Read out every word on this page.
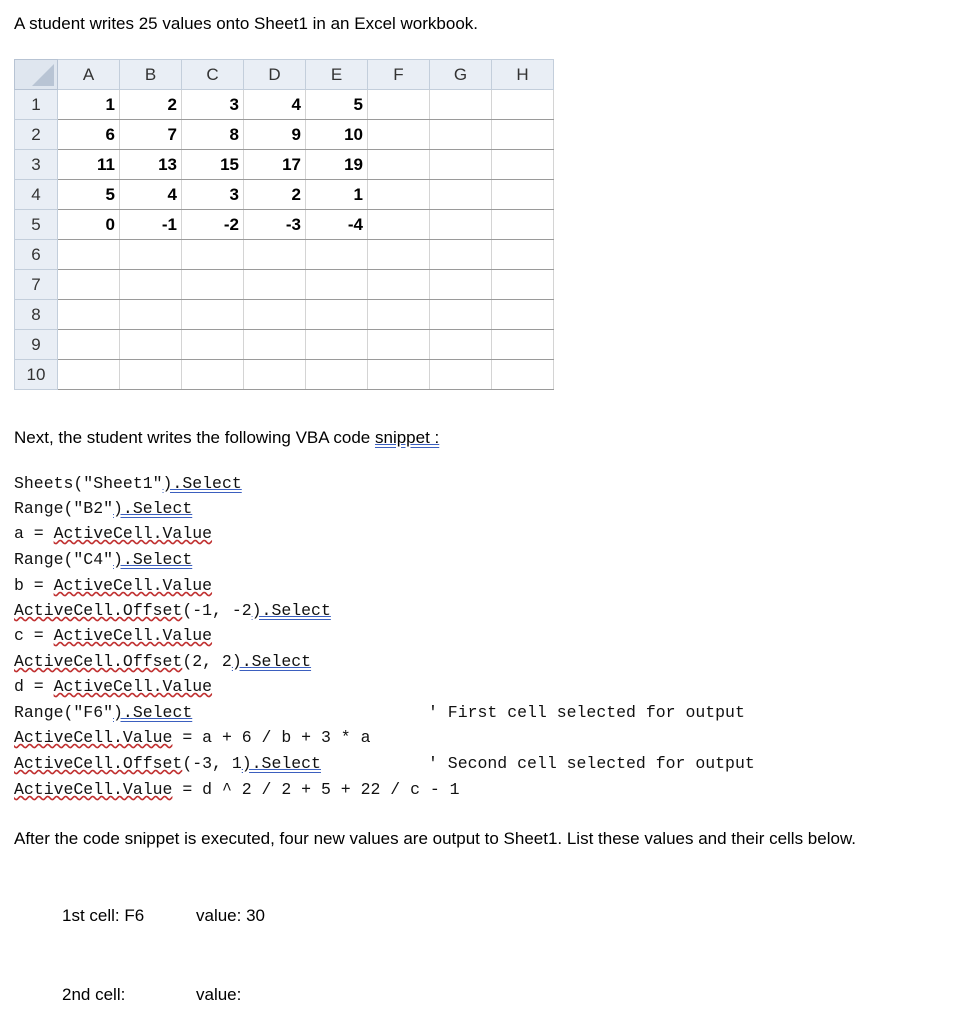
A student writes 25 values onto Sheet1 in an Excel workbook.
	A	B	C	D	E	F	G	H
1	1	2	3	4	5			
2	6	7	8	9	10			
3	11	13	15	17	19			
4	5	4	3	2	1			
5	0	-1	-2	-3	-4			
6								
7								
8								
9								
10								
Next, the student writes the following VBA code snippet :
Sheets("Sheet1").Select
Range("B2").Select
a = ActiveCell.Value
Range("C4").Select
b = ActiveCell.Value
ActiveCell.Offset(-1, -2).Select
c = ActiveCell.Value
ActiveCell.Offset(2, 2).Select
d = ActiveCell.Value
Range("F6").Select	' First cell selected for output
ActiveCell.Value = a + 6 / b + 3 * a
ActiveCell.Offset(-3, 1).Select	' Second cell selected for output
ActiveCell.Value = d ^ 2 / 2 + 5 + 22 / c - 1
After the code snippet is executed, four new values are output to Sheet1. List these values and their cells below.
1st cell: F6	value: 30
2nd cell:	value:
